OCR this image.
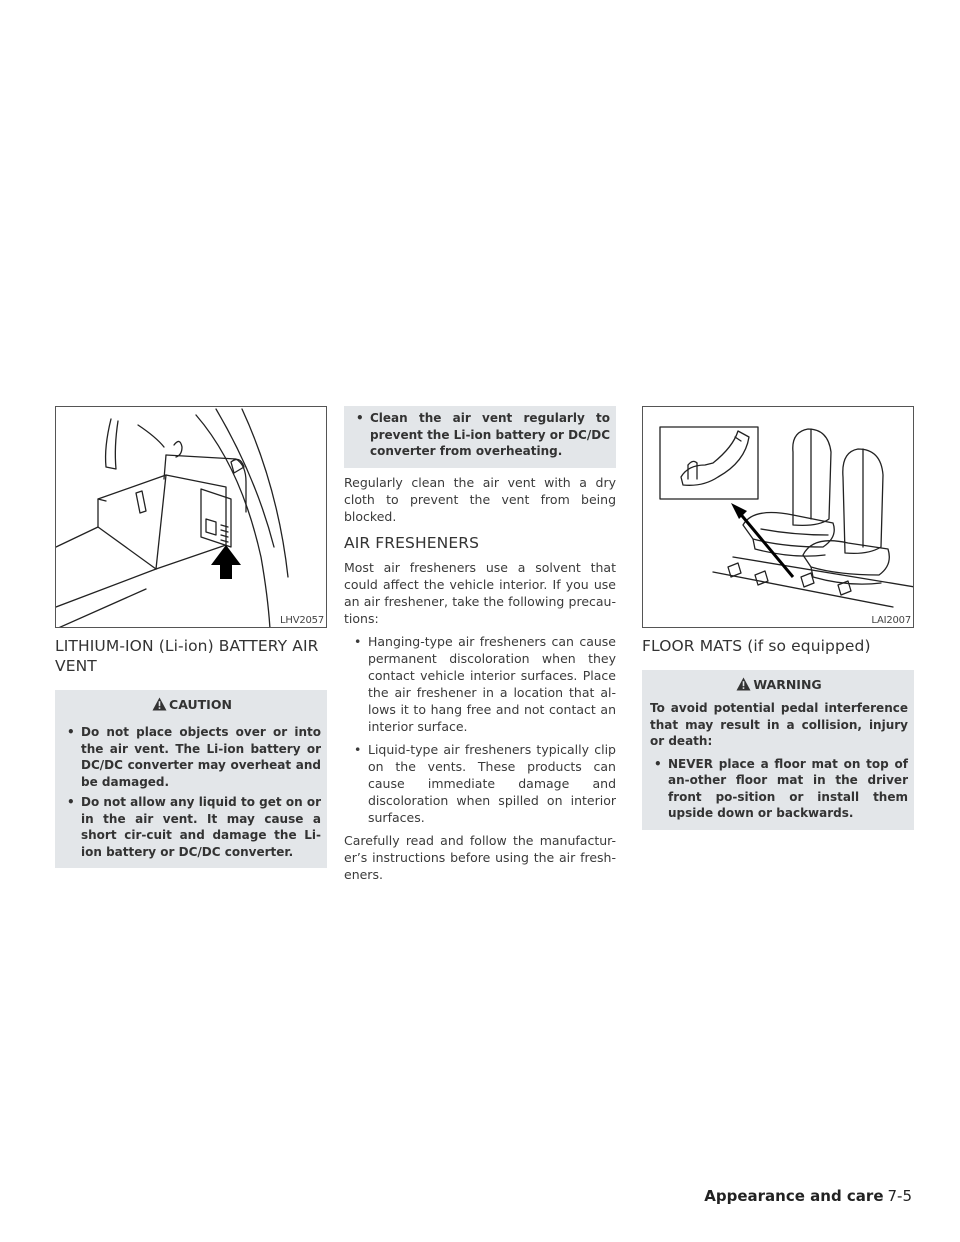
LHV2057
LITHIUM-ION (Li-ion) BATTERY AIR VENT
CAUTION
• Do not place objects over or into the air vent. The Li-ion battery or DC/DC converter may overheat and be damaged.
• Do not allow any liquid to get on or in the air vent. It may cause a short cir-cuit and damage the Li-ion battery or DC/DC converter.
• Clean the air vent regularly to prevent the Li-ion battery or DC/DC converter from overheating.

Regularly clean the air vent with a dry cloth to prevent the vent from being blocked.

AIR FRESHENERS

Most air fresheners use a solvent that could affect the vehicle interior. If you use an air freshener, take the following precau-tions:

• Hanging-type air fresheners can cause permanent discoloration when they contact vehicle interior surfaces. Place the air freshener in a location that al-lows it to hang free and not contact an interior surface.
• Liquid-type air fresheners typically clip on the vents. These products can cause immediate damage and discoloration when spilled on interior surfaces.

Carefully read and follow the manufactur-er’s instructions before using the air fresh-eners.

LAI2007
FLOOR MATS (if so equipped)
WARNING
To avoid potential pedal interference that may result in a collision, injury or death:
• NEVER place a floor mat on top of an-other floor mat in the driver front po-sition or install them upside down or backwards.
Appearance and care 7-5
